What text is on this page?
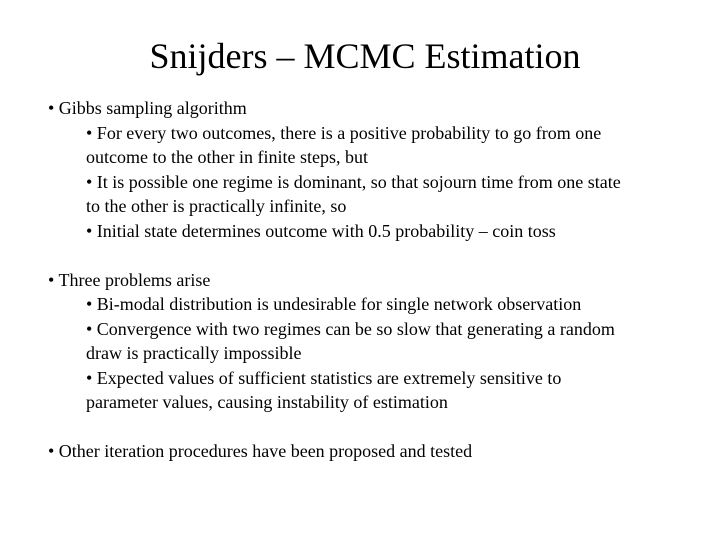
Snijders – MCMC Estimation
• Gibbs sampling algorithm
• For every two outcomes, there is a positive probability to go from one
outcome to the other in finite steps, but
• It is possible one regime is dominant, so that sojourn time from one state
to the other is practically infinite, so
• Initial state determines outcome with 0.5 probability – coin toss
• Three problems arise
• Bi-modal distribution is undesirable for single network observation
• Convergence with two regimes can be so slow that generating a random
draw is practically impossible
• Expected values of sufficient statistics are extremely sensitive to
parameter values, causing instability of estimation
• Other iteration procedures have been proposed and tested
